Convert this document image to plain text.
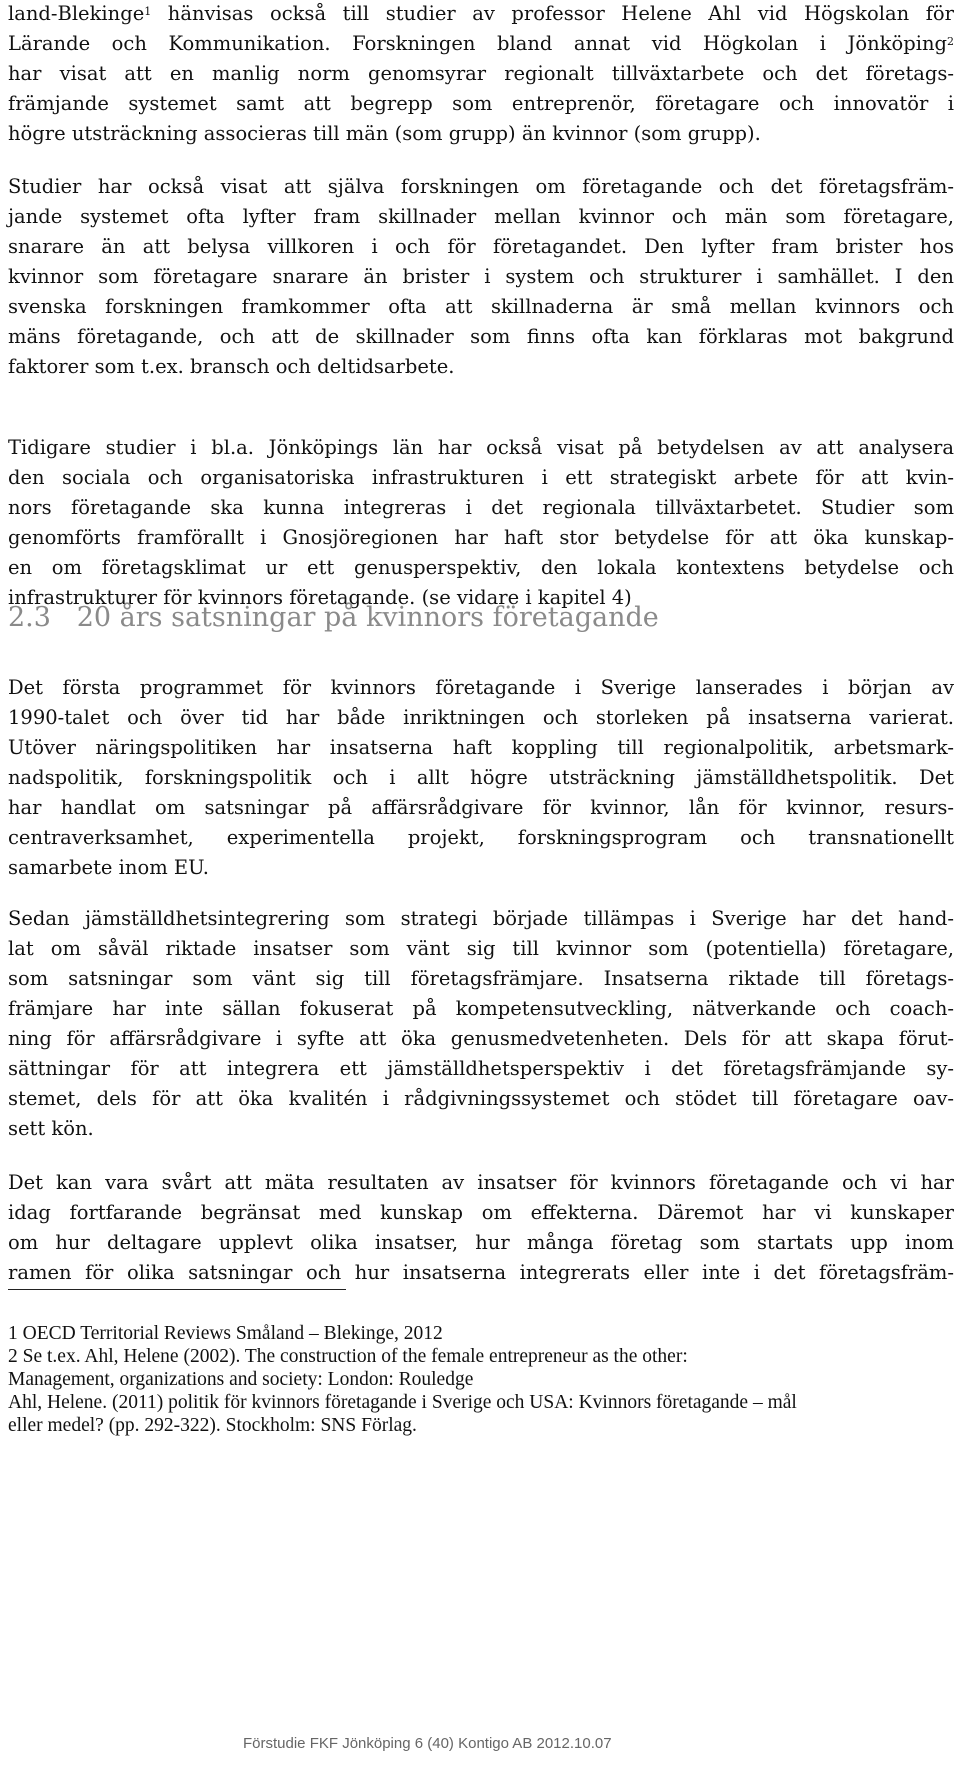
land-Blekinge$^1$ hänvisas också till studier av professor Helene Ahl vid Högskolan för
Lärande och Kommunikation. Forskningen bland annat vid Högkolan i Jönköping$^2$
har visat att en manlig norm genomsyrar regionalt tillväxtarbete och det företags-
främjande systemet samt att begrepp som entreprenör, företagare och innovatör i
högre utsträckning associeras till män (som grupp) än kvinnor (som grupp).
Studier har också visat att själva forskningen om företagande och det företagsfräm-
jande systemet ofta lyfter fram skillnader mellan kvinnor och män som företagare,
snarare än att belysa villkoren i och för företagandet. Den lyfter fram brister hos
kvinnor som företagare snarare än brister i system och strukturer i samhället. I den
svenska forskningen framkommer ofta att skillnaderna är små mellan kvinnors och
mäns företagande, och att de skillnader som finns ofta kan förklaras mot bakgrund
faktorer som t.ex. bransch och deltidsarbete.
Tidigare studier i bl.a. Jönköpings län har också visat på betydelsen av att analysera
den sociala och organisatoriska infrastrukturen i ett strategiskt arbete för att kvin-
nors företagande ska kunna integreras i det regionala tillväxtarbetet. Studier som
genomförts framförallt i Gnosjöregionen har haft stor betydelse för att öka kunskap-
en om företagsklimat ur ett genusperspektiv, den lokala kontextens betydelse och
infrastrukturer för kvinnors företagande. (se vidare i kapitel 4)
2.3 20 års satsningar på kvinnors företagande
Det första programmet för kvinnors företagande i Sverige lanserades i början av
1990-talet och över tid har både inriktningen och storleken på insatserna varierat.
Utöver näringspolitiken har insatserna haft koppling till regionalpolitik, arbetsmark-
nadspolitik, forskningspolitik och i allt högre utsträckning jämställdhetspolitik. Det
har handlat om satsningar på affärsrådgivare för kvinnor, lån för kvinnor, resurs-
centraverksamhet, experimentella projekt, forskningsprogram och transnationellt
samarbete inom EU.
Sedan jämställdhetsintegrering som strategi började tillämpas i Sverige har det hand-
lat om såväl riktade insatser som vänt sig till kvinnor som (potentiella) företagare,
som satsningar som vänt sig till företagsfrämjare. Insatserna riktade till företags-
främjare har inte sällan fokuserat på kompetensutveckling, nätverkande och coach-
ning för affärsrådgivare i syfte att öka genusmedvetenheten. Dels för att skapa förut-
sättningar för att integrera ett jämställdhetsperspektiv i det företagsfrämjande sy-
stemet, dels för att öka kvalitén i rådgivningssystemet och stödet till företagare oav-
sett kön.
Det kan vara svårt att mäta resultaten av insatser för kvinnors företagande och vi har
idag fortfarande begränsat med kunskap om effekterna. Däremot har vi kunskaper
om hur deltagare upplevt olika insatser, hur många företag som startats upp inom
ramen för olika satsningar och hur insatserna integrerats eller inte i det företagsfräm-
1 OECD Territorial Reviews Småland – Blekinge, 2012
2 Se t.ex. Ahl, Helene (2002). The construction of the female entrepreneur as the other:
Management, organizations and society: London: Rouledge
Ahl, Helene. (2011) politik för kvinnors företagande i Sverige och USA: Kvinnors företagande – mål
eller medel? (pp. 292-322). Stockholm: SNS Förlag.
Förstudie FKF Jönköping 6 (40) Kontigo AB 2012.10.07
